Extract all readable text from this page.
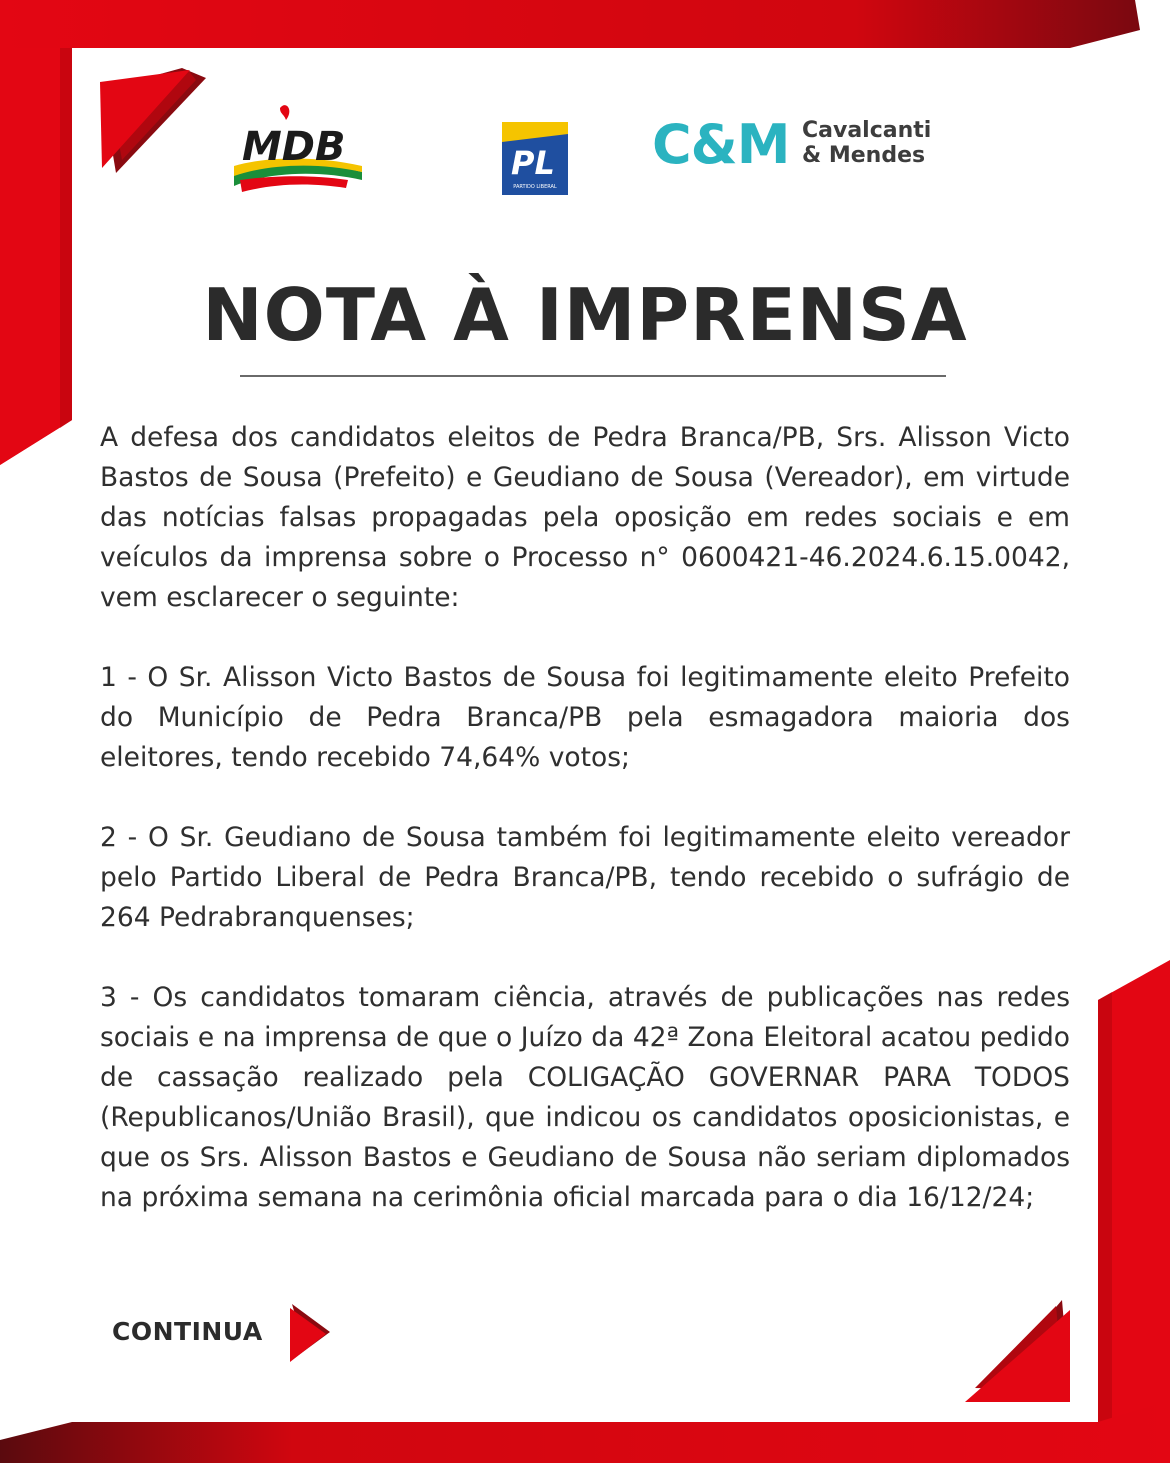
MDB	PL
PARTIDO LIBERAL
C&M Cavalcanti
& Mendes
NOTA À IMPRENSA

A defesa dos candidatos eleitos de Pedra Branca/PB, Srs. Alisson Victo Bastos de Sousa (Prefeito) e Geudiano de Sousa (Vereador), em virtude das notícias falsas propagadas pela oposição em redes sociais e em veículos da imprensa sobre o Processo n° 0600421-46.2024.6.15.0042, vem esclarecer o seguinte:

1 - O Sr. Alisson Victo Bastos de Sousa foi legitimamente eleito Prefeito do Município de Pedra Branca/PB pela esmagadora maioria dos eleitores, tendo recebido 74,64% votos;

2 - O Sr. Geudiano de Sousa também foi legitimamente eleito vereador pelo Partido Liberal de Pedra Branca/PB, tendo recebido o sufrágio de 264 Pedrabranquenses;

3 - Os candidatos tomaram ciência, através de publicações nas redes sociais e na imprensa de que o Juízo da 42ª Zona Eleitoral acatou pedido de cassação realizado pela COLIGAÇÃO GOVERNAR PARA TODOS (Republicanos/União Brasil), que indicou os candidatos oposicionistas, e que os Srs. Alisson Bastos e Geudiano de Sousa não seriam diplomados na próxima semana na cerimônia oficial marcada para o dia 16/12/24;

CONTINUA
